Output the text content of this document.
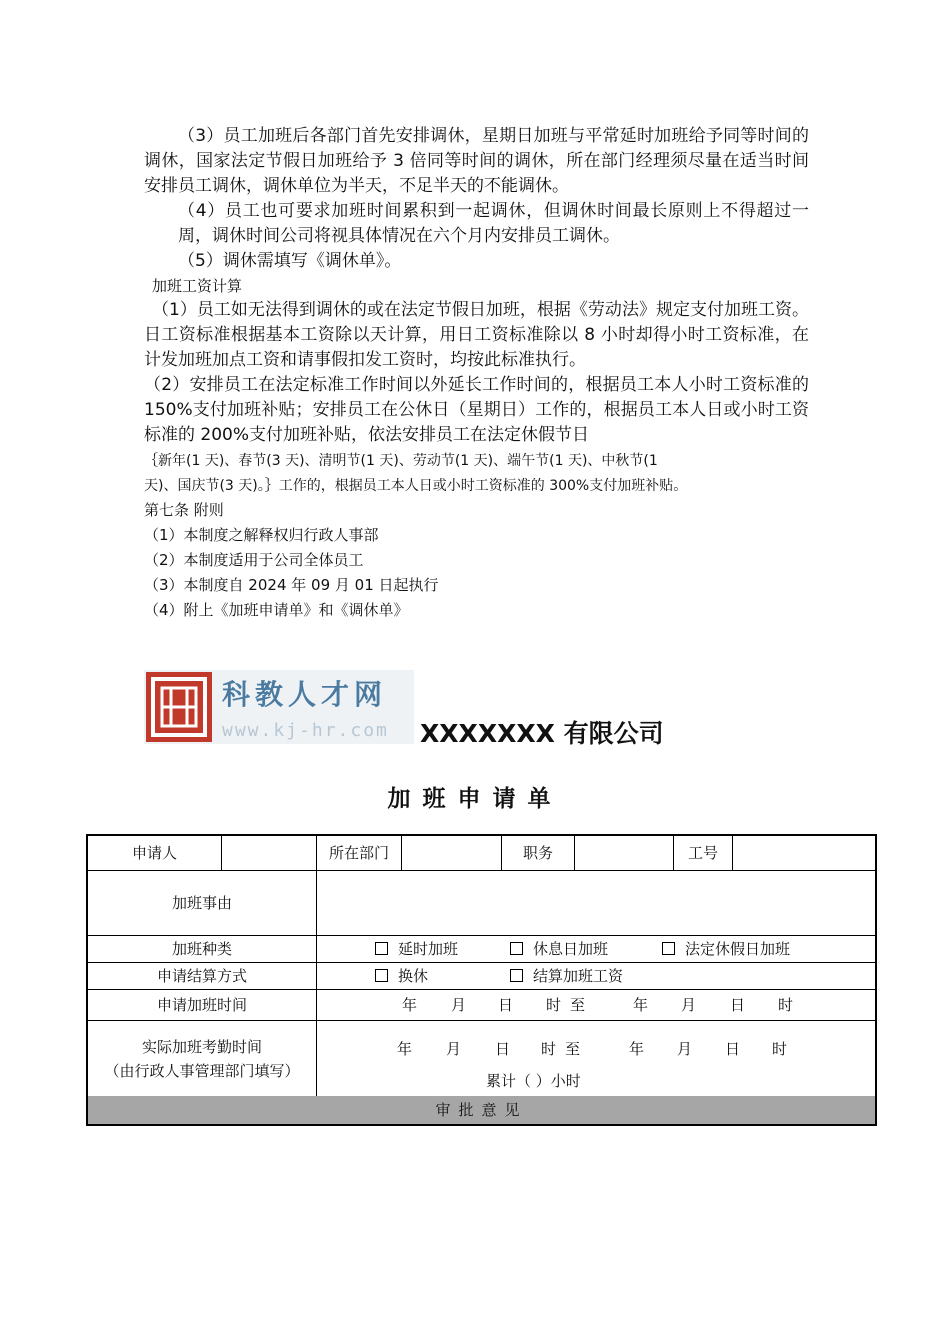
（3）员工加班后各部门首先安排调休，星期日加班与平常延时加班给予同等时间的调休，国家法定节假日加班给予 3 倍同等时间的调休，所在部门经理须尽量在适当时间安排员工调休，调休单位为半天，不足半天的不能调休。

（4）员工也可要求加班时间累积到一起调休，但调休时间最长原则上不得超过一周，调休时间公司将视具体情况在六个月内安排员工调休。

（5）调休需填写《调休单》。
加班工资计算

（1）员工如无法得到调休的或在法定节假日加班，根据《劳动法》规定支付加班工资。日工资标准根据基本工资除以天计算，用日工资标准除以 8 小时却得小时工资标准，在计发加班加点工资和请事假扣发工资时，均按此标准执行。

（2）安排员工在法定标准工作时间以外延长工作时间的，根据员工本人小时工资标准的 150%支付加班补贴；安排员工在公休日（星期日）工作的，根据员工本人日或小时工资标准的 200%支付加班补贴，依法安排员工在法定休假节日

｛新年(1 天)、春节(3 天)、清明节(1 天)、劳动节(1 天)、端午节(1 天)、中秋节(1
天)、国庆节(3 天)。｝工作的，根据员工本人日或小时工资标准的 300%支付加班补贴。
第七条 附则
（1）本制度之解释权归行政人事部
（2）本制度适用于公司全体员工
（3）本制度自 2024 年 09 月 01 日起执行
（4）附上《加班申请单》和《调休单》
科教人才网
www.kj-hr.com XXXXXXX 有限公司
加班申请单
申请人	所在部门	职务	工号
加班事由
加班种类	延时加班	休息日加班	法定休假日加班
申请结算方式	换休	结算加班工资
申请加班时间	年 月 日 时 至	年 月 日 时
实际加班考勤时间
（由行政人事管理部门填写）
年 月 日 时 至	年 月 日 时
累计（ ）小时
审批意见
